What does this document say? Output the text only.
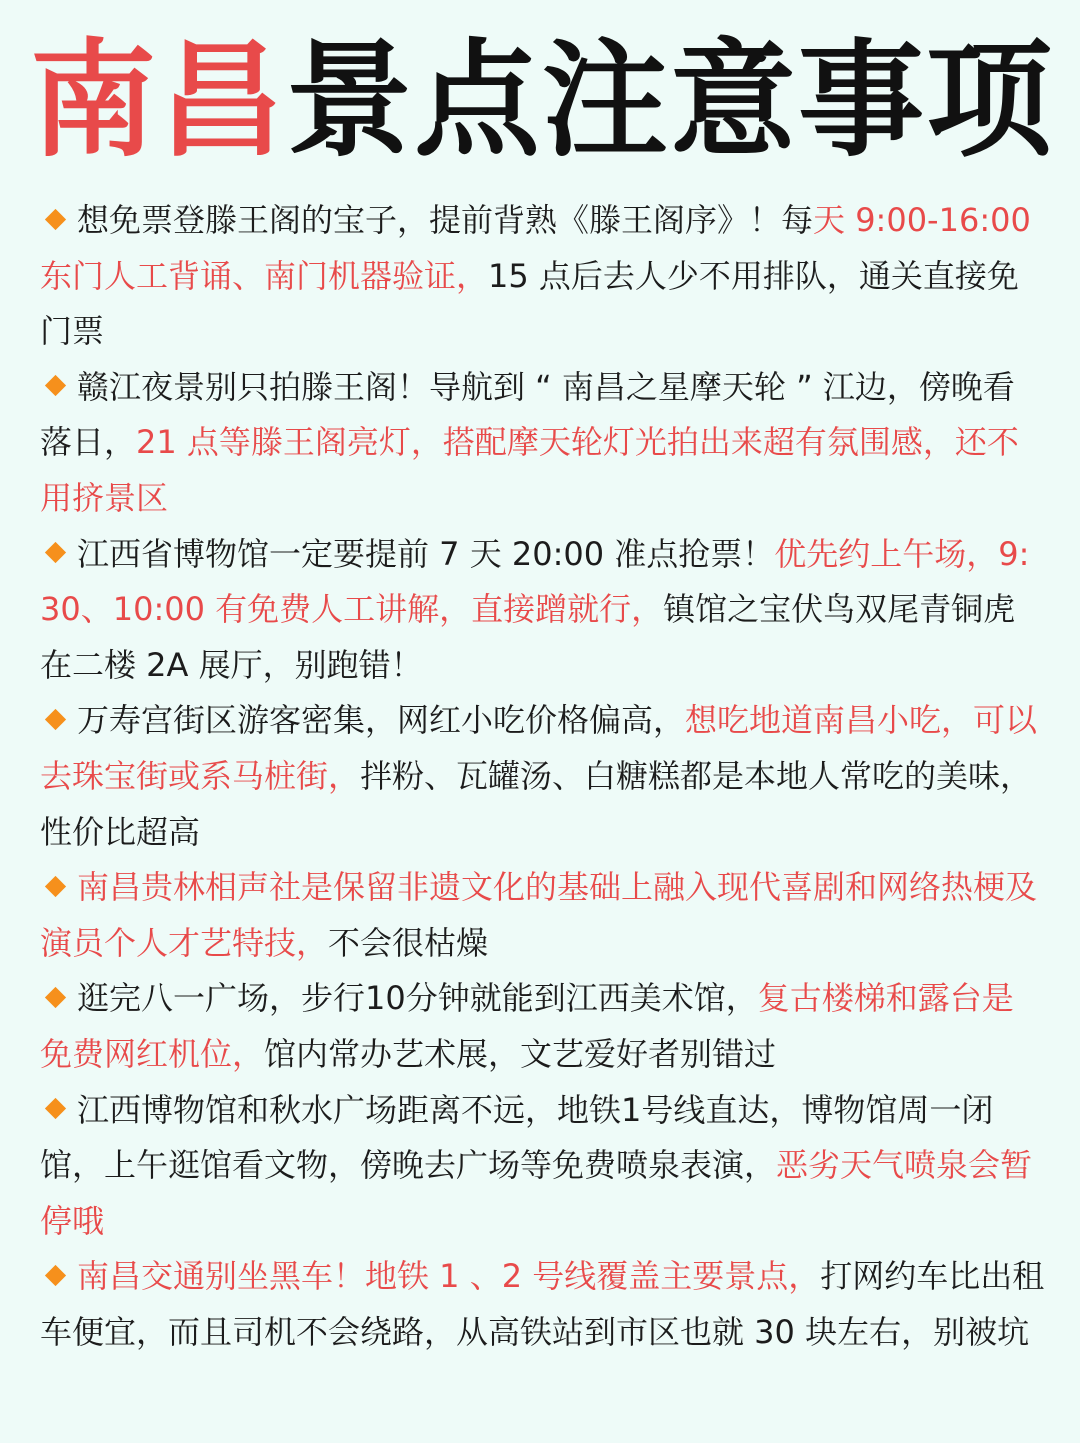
南昌景点注意事项
想免票登滕王阁的宝子，提前背熟《滕王阁序》！每天 9:00-16:00 东门人工背诵、南门机器验证，15 点后去人少不用排队，通关直接免门票
赣江夜景别只拍滕王阁！导航到 “ 南昌之星摩天轮 ” 江边，傍晚看落日，21 点等滕王阁亮灯，搭配摩天轮灯光拍出来超有氛围感，还不用挤景区
江西省博物馆一定要提前 7 天 20:00 准点抢票！优先约上午场，9:30、10:00 有免费人工讲解，直接蹭就行，镇馆之宝伏鸟双尾青铜虎在二楼 2A 展厅，别跑错！
万寿宫街区游客密集，网红小吃价格偏高，想吃地道南昌小吃，可以去珠宝街或系马桩街，拌粉、瓦罐汤、白糖糕都是本地人常吃的美味，性价比超高
南昌贵林相声社是保留非遗文化的基础上融入现代喜剧和网络热梗及演员个人才艺特技，不会很枯燥
逛完八一广场，步行10分钟就能到江西美术馆，复古楼梯和露台是免费网红机位，馆内常办艺术展，文艺爱好者别错过
江西博物馆和秋水广场距离不远，地铁1号线直达，博物馆周一闭馆，上午逛馆看文物，傍晚去广场等免费喷泉表演，恶劣天气喷泉会暂停哦
南昌交通别坐黑车！地铁 1 、2 号线覆盖主要景点，打网约车比出租车便宜，而且司机不会绕路，从高铁站到市区也就 30 块左右，别被坑
